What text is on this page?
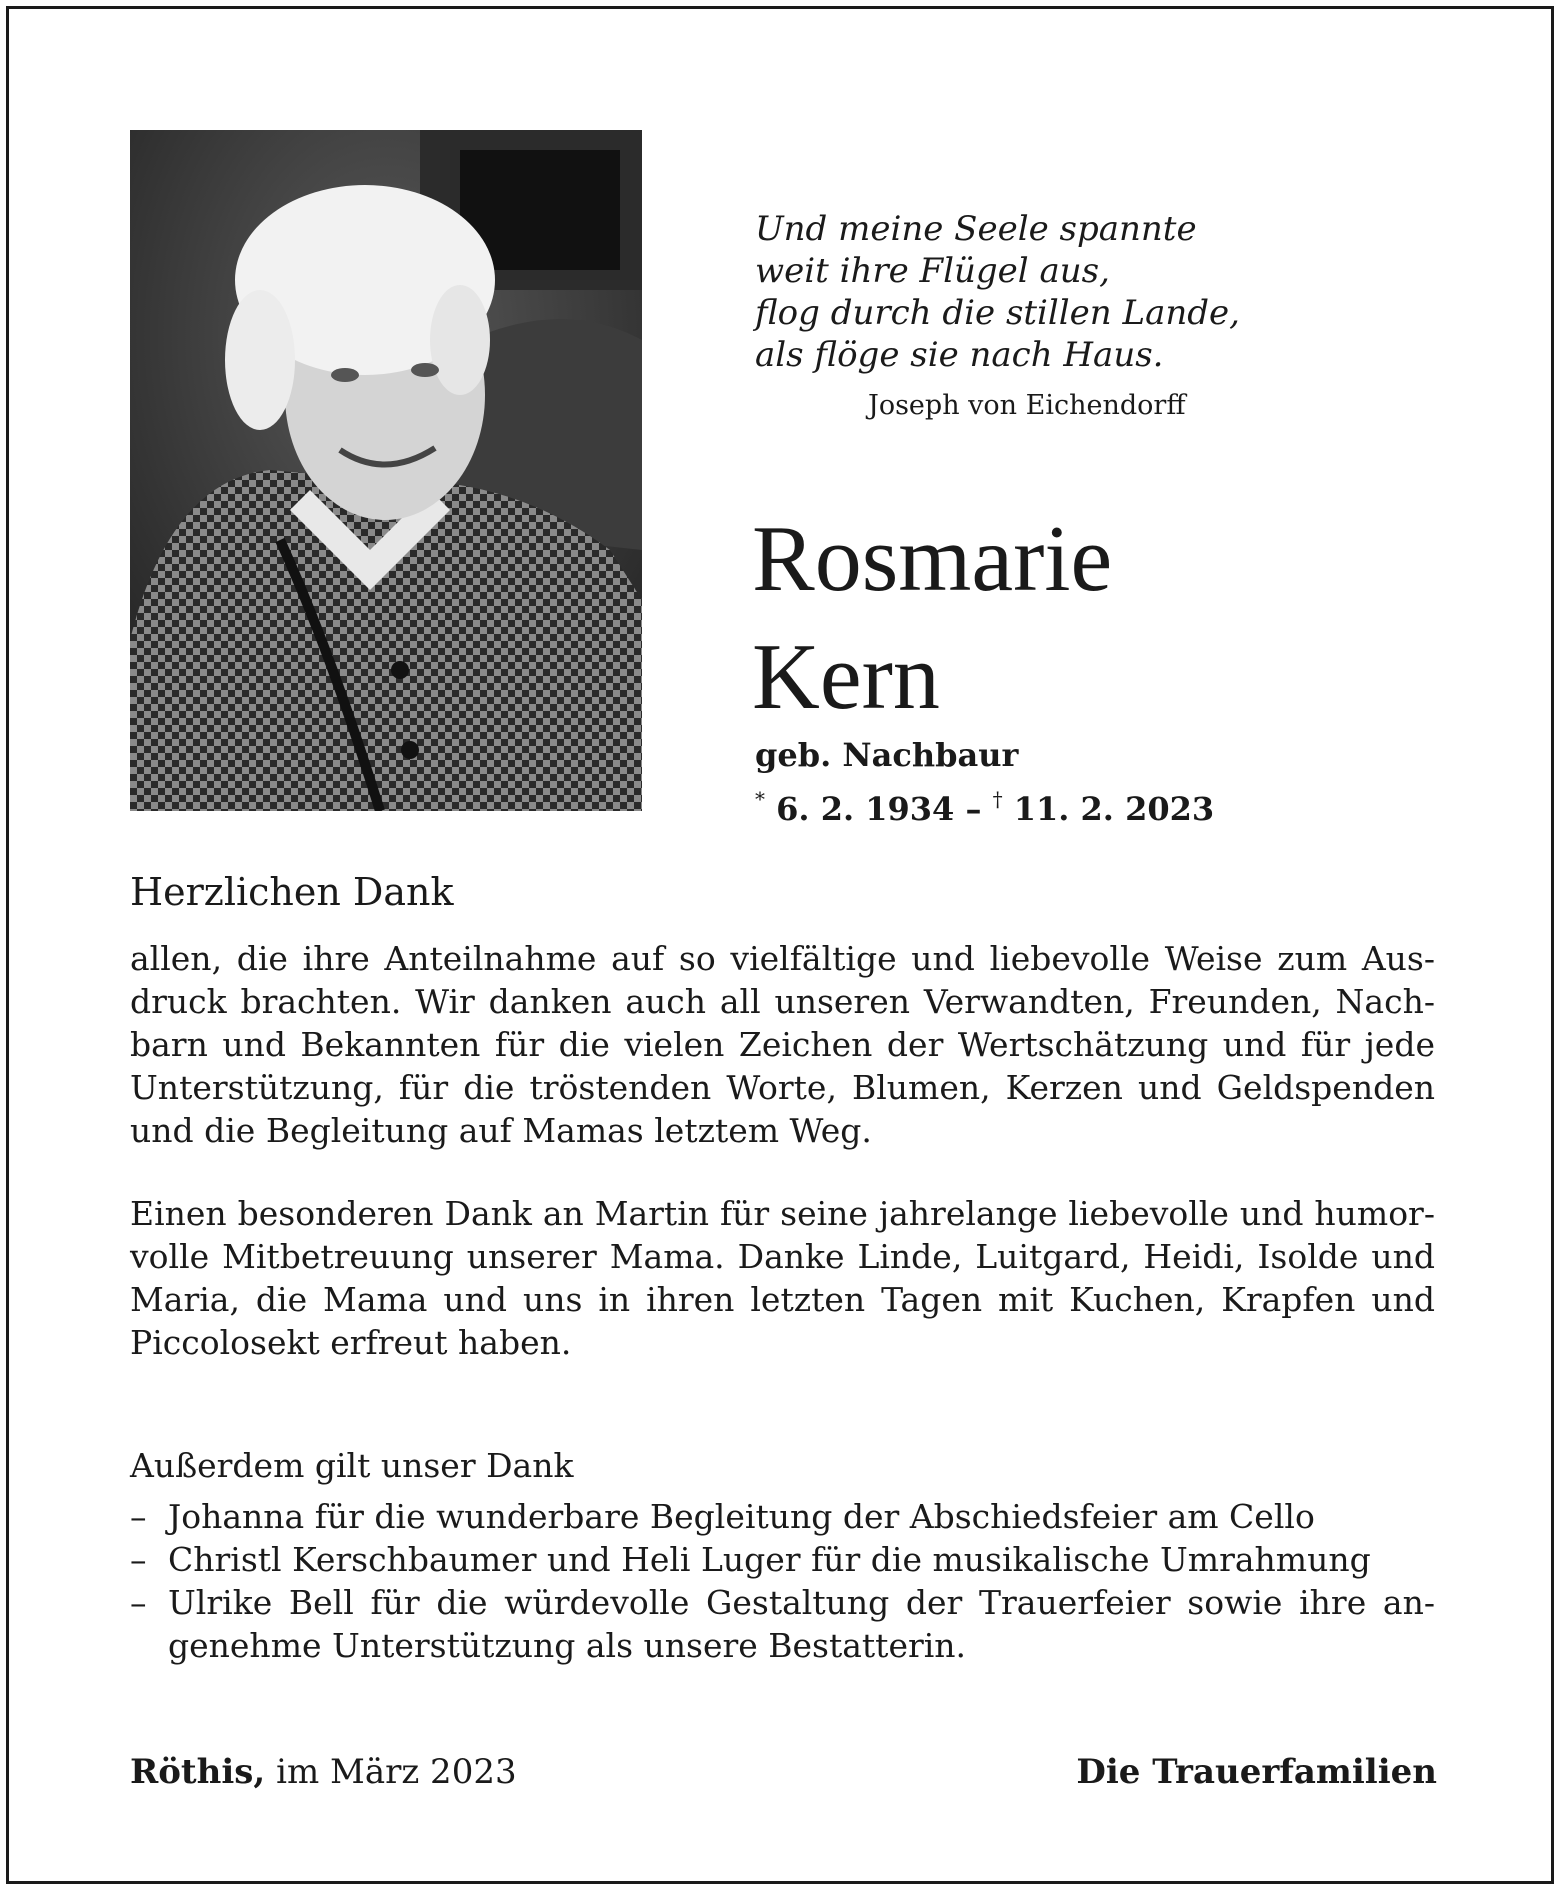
Und meine Seele spannte
weit ihre Flügel aus,
flog durch die stillen Lande,
als flöge sie nach Haus.
Joseph von Eichendorff
Rosmarie
Kern
geb. Nachbaur
* 6. 2. 1934 – † 11. 2. 2023
Herzlichen Dank
allen, die ihre Anteilnahme auf so vielfältige und liebevolle Weise zum Aus-
druck brachten. Wir danken auch all unseren Verwandten, Freunden, Nach-
barn und Bekannten für die vielen Zeichen der Wertschätzung und für jede
Unterstützung, für die tröstenden Worte, Blumen, Kerzen und Geldspenden
und die Begleitung auf Mamas letztem Weg.
Einen besonderen Dank an Martin für seine jahrelange liebevolle und humor-
volle Mitbetreuung unserer Mama. Danke Linde, Luitgard, Heidi, Isolde und
Maria, die Mama und uns in ihren letzten Tagen mit Kuchen, Krapfen und
Piccolosekt erfreut haben.
Außerdem gilt unser Dank
– Johanna für die wunderbare Begleitung der Abschiedsfeier am Cello
– Christl Kerschbaumer und Heli Luger für die musikalische Umrahmung
– Ulrike Bell für die würdevolle Gestaltung der Trauerfeier sowie ihre an-
genehme Unterstützung als unsere Bestatterin.
Röthis, im März 2023	Die Trauerfamilien
